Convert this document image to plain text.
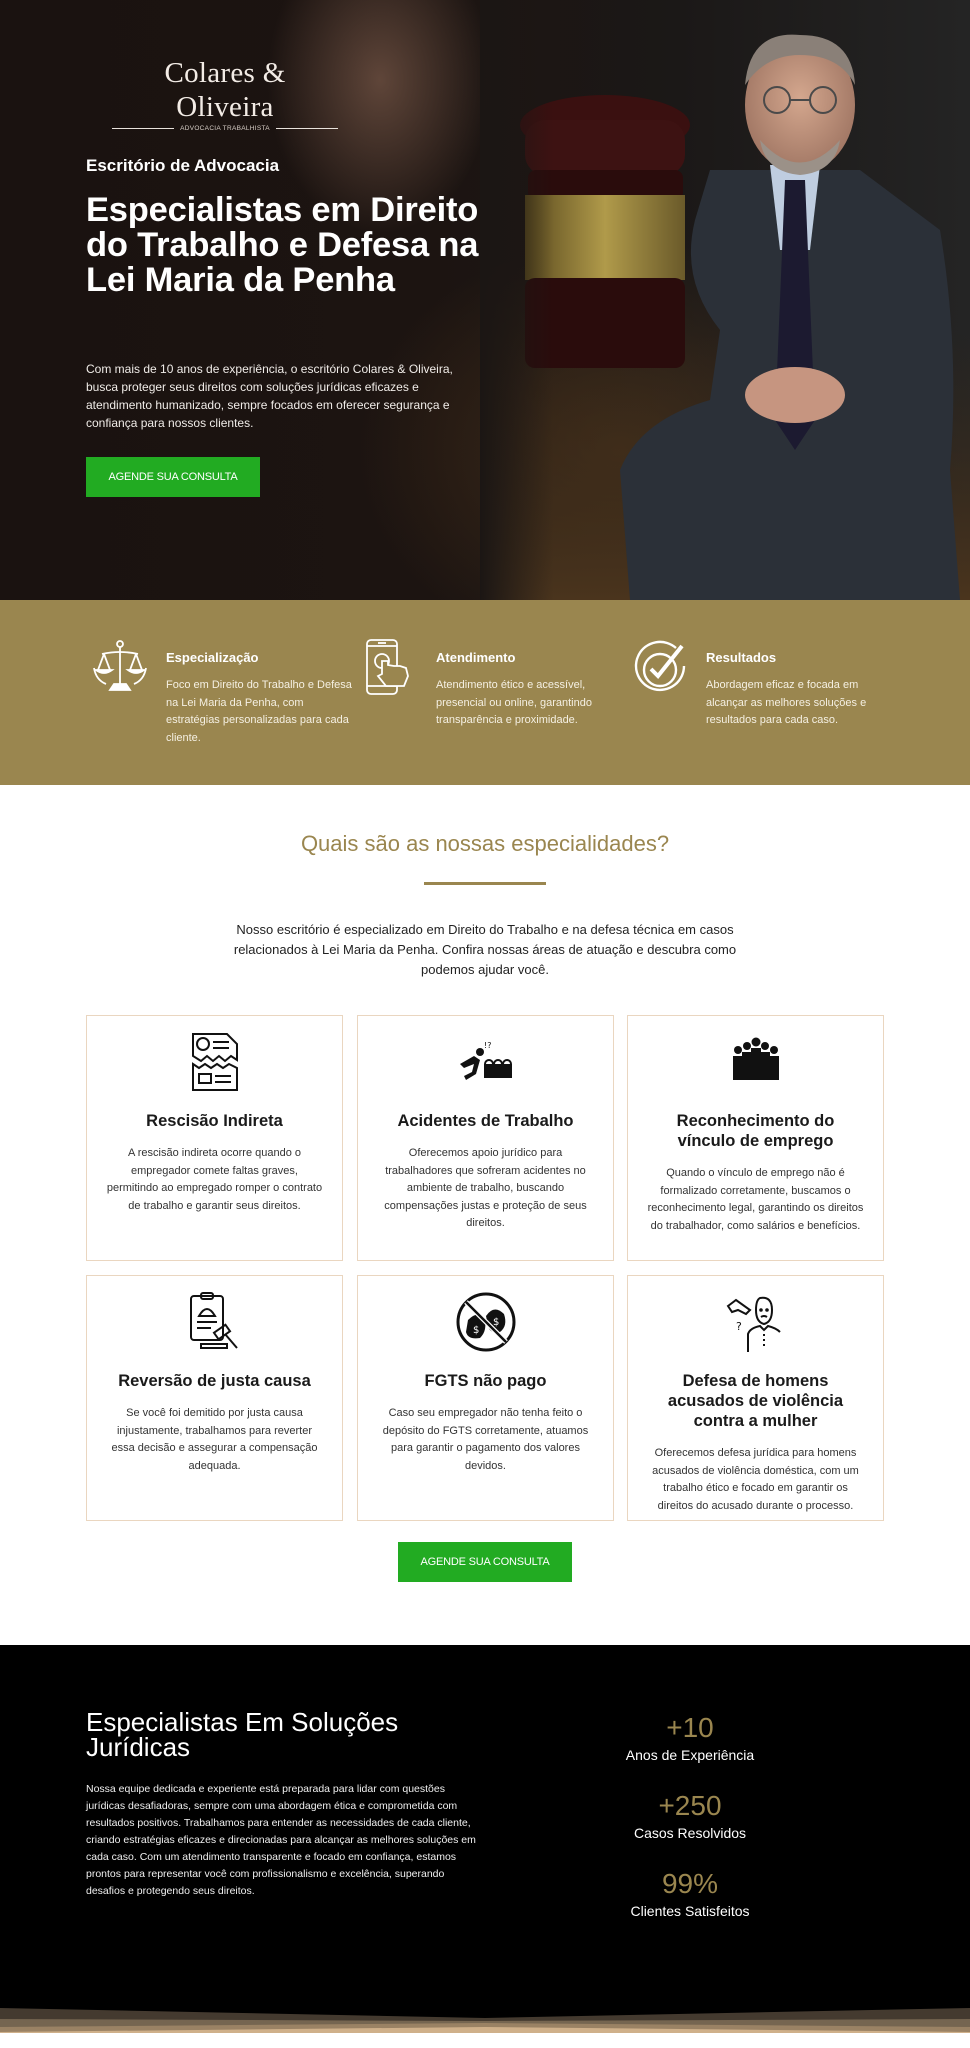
Colares & Oliveira
ADVOCACIA TRABALHISTA
Escritório de Advocacia
Especialistas em Direito do Trabalho e Defesa na Lei Maria da Penha

Com mais de 10 anos de experiência, o escritório Colares & Oliveira, busca proteger seus direitos com soluções jurídicas eficazes e atendimento humanizado, sempre focados em oferecer segurança e confiança para nossos clientes.

AGENDE SUA CONSULTA
Especialização

Foco em Direito do Trabalho e Defesa na Lei Maria da Penha, com estratégias personalizadas para cada cliente.

Atendimento

Atendimento ético e acessível, presencial ou online, garantindo transparência e proximidade.

Resultados

Abordagem eficaz e focada em alcançar as melhores soluções e resultados para cada caso.

Quais são as nossas especialidades?

Nosso escritório é especializado em Direito do Trabalho e na defesa técnica em casos relacionados à Lei Maria da Penha. Confira nossas áreas de atuação e descubra como podemos ajudar você.

Rescisão Indireta

A rescisão indireta ocorre quando o empregador comete faltas graves, permitindo ao empregado romper o contrato de trabalho e garantir seus direitos.

!?
Acidentes de Trabalho

Oferecemos apoio jurídico para trabalhadores que sofreram acidentes no ambiente de trabalho, buscando compensações justas e proteção de seus direitos.

Reconhecimento do vínculo de emprego

Quando o vínculo de emprego não é formalizado corretamente, buscamos o reconhecimento legal, garantindo os direitos do trabalhador, como salários e benefícios.

Reversão de justa causa

Se você foi demitido por justa causa injustamente, trabalhamos para reverter essa decisão e assegurar a compensação adequada.

$
$
FGTS não pago

Caso seu empregador não tenha feito o depósito do FGTS corretamente, atuamos para garantir o pagamento dos valores devidos.

?
Defesa de homens acusados de violência contra a mulher

Oferecemos defesa jurídica para homens acusados de violência doméstica, com um trabalho ético e focado em garantir os direitos do acusado durante o processo.

AGENDE SUA CONSULTA
Especialistas Em Soluções Jurídicas

Nossa equipe dedicada e experiente está preparada para lidar com questões jurídicas desafiadoras, sempre com uma abordagem ética e comprometida com resultados positivos. Trabalhamos para entender as necessidades de cada cliente, criando estratégias eficazes e direcionadas para alcançar as melhores soluções em cada caso. Com um atendimento transparente e focado em confiança, estamos prontos para representar você com profissionalismo e excelência, superando desafios e protegendo seus direitos.

+10
Anos de Experiência
+250
Casos Resolvidos
99%
Clientes Satisfeitos
